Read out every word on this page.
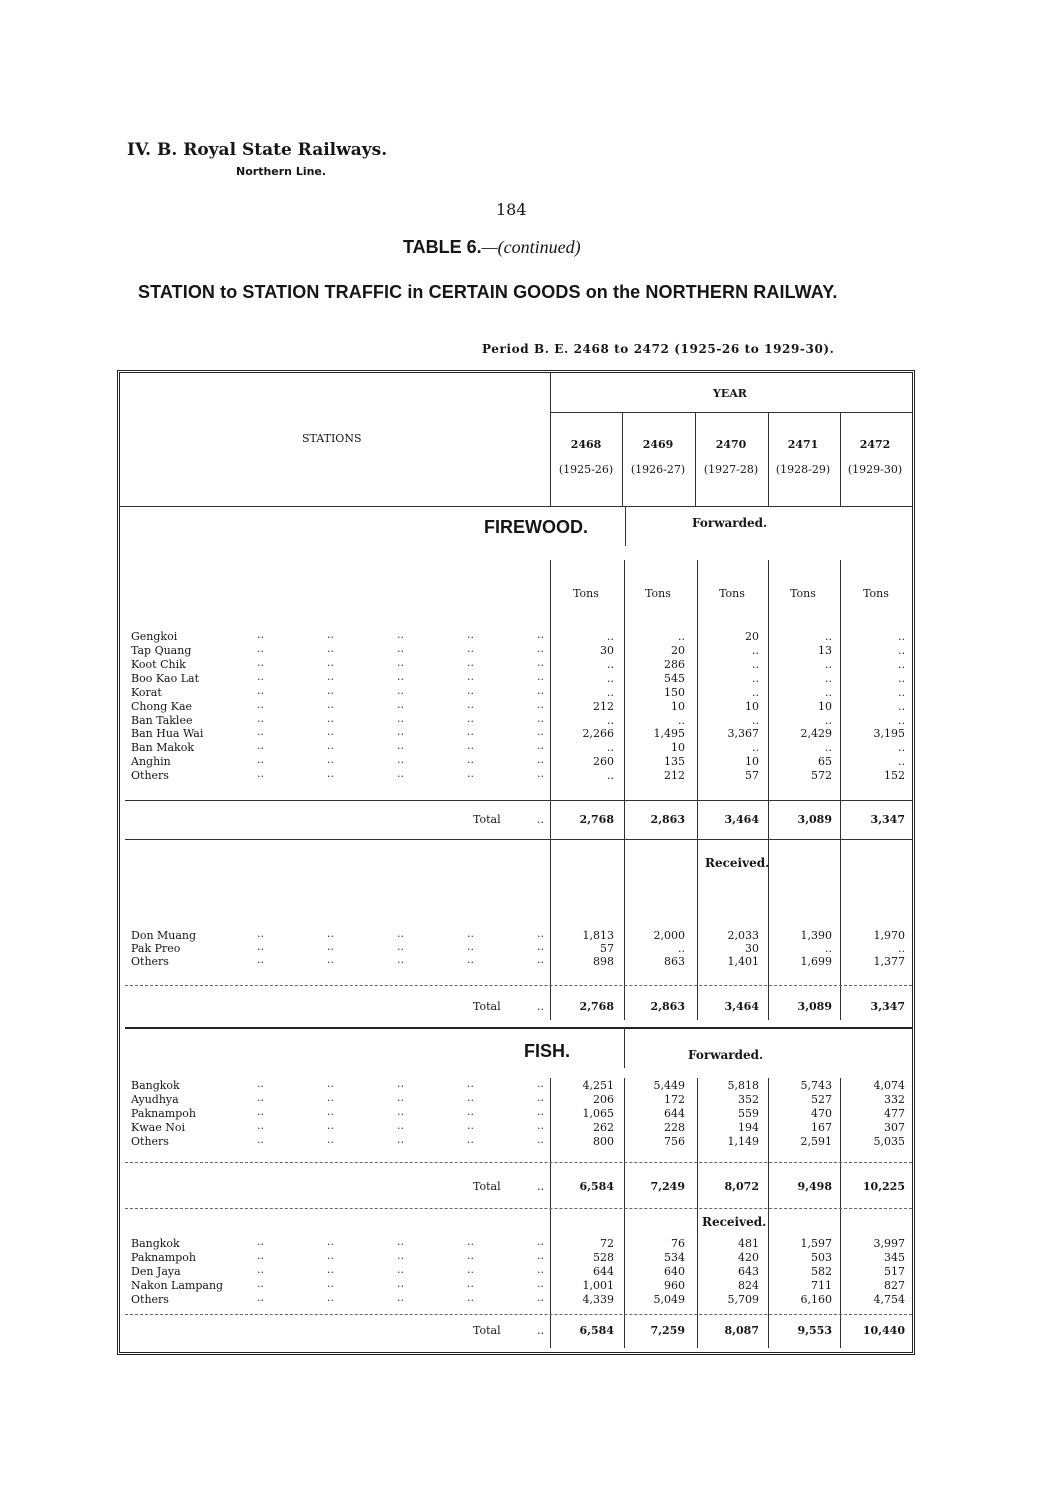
IV. B. Royal State Railways.
Northern Line.
184
TABLE 6.—(continued)
STATION to STATION TRAFFIC in CERTAIN GOODS on the NORTHERN RAILWAY.
Period B. E. 2468 to 2472 (1925-26 to 1929-30).
STATIONS
YEAR
2468
(1925-26)
2469
(1926-27)
2470
(1927-28)
2471
(1928-29)
2472
(1929-30)
FIREWOOD.	Forwarded.
Tons	Tons	Tons	Tons	Tons
Gengkoi	..	..	..	..	..	..	..	20	..	..
Tap Quang	..	..	..	..	..	30	20	..	13	..
Koot Chik	..	..	..	..	..	..	286	..	..	..
Boo Kao Lat	..	..	..	..	..	..	545	..	..	..
Korat	..	..	..	..	..	..	150	..	..	..
Chong Kae	..	..	..	..	..	212	10	10	10	..
Ban Taklee	..	..	..	..	..	..	..	..	..	..
Ban Hua Wai	..	..	..	..	..	2,266	1,495	3,367	2,429	3,195
Ban Makok	..	..	..	..	..	..	10	..	..	..
Anghin	..	..	..	..	..	260	135	10	65	..
Others	..	..	..	..	..	..	212	57	572	152
Total	..	2,768	2,863	3,464	3,089	3,347
Received.
Don Muang	..	..	..	..	..	1,813	2,000	2,033	1,390	1,970
Pak Preo	..	..	..	..	..	57	..	30	..	..
Others	..	..	..	..	..	898	863	1,401	1,699	1,377
Total	..	2,768	2,863	3,464	3,089	3,347
FISH.	Forwarded.
Bangkok	..	..	..	..	..	4,251	5,449	5,818	5,743	4,074
Ayudhya	..	..	..	..	..	206	172	352	527	332
Paknampoh	..	..	..	..	..	1,065	644	559	470	477
Kwae Noi	..	..	..	..	..	262	228	194	167	307
Others	..	..	..	..	..	800	756	1,149	2,591	5,035
Total	..	6,584	7,249	8,072	9,498	10,225
Received.
Bangkok	..	..	..	..	..	72	76	481	1,597	3,997
Paknampoh	..	..	..	..	..	528	534	420	503	345
Den Jaya	..	..	..	..	..	644	640	643	582	517
Nakon Lampang	..	..	..	..	..	1,001	960	824	711	827
Others	..	..	..	..	..	4,339	5,049	5,709	6,160	4,754
Total	..	6,584	7,259	8,087	9,553	10,440
